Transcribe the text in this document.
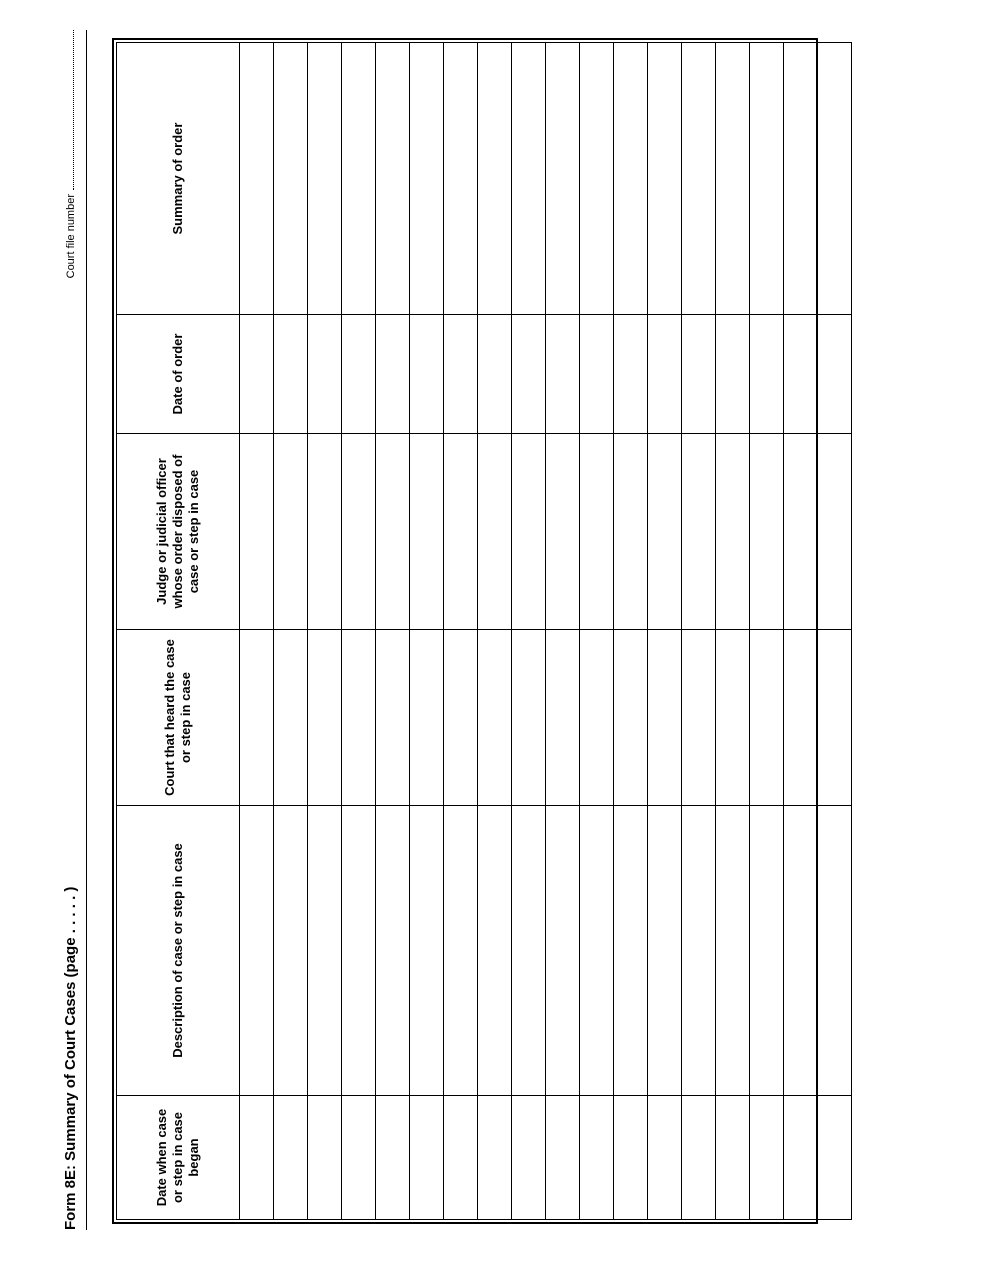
Form 8E: Summary of Court Cases (page . . . . . )
Court file number
Date when case or step in case began	Description of case or step in case	Court that heard the case or step in case	Judge or judicial officer whose order disposed of case or step in case	Date of order	Summary of order
